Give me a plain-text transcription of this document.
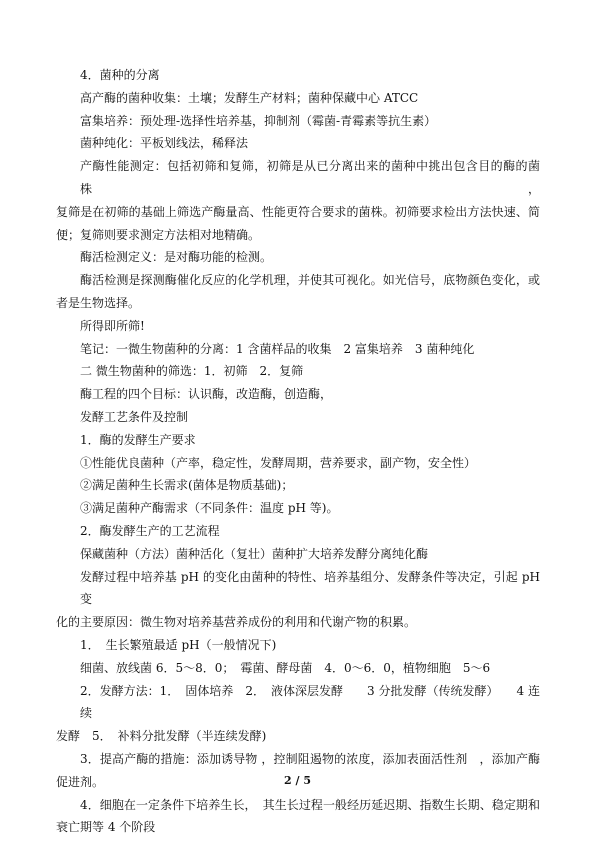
4．菌种的分离
高产酶的菌种收集：土壤；发酵生产材料；菌种保藏中心 ATCC
富集培养：预处理-选择性培养基，抑制剂（霉菌-青霉素等抗生素）
菌种纯化：平板划线法，稀释法
产酶性能测定：包括初筛和复筛，初筛是从已分离出来的菌种中挑出包含目的酶的菌株，
复筛是在初筛的基础上筛选产酶量高、性能更符合要求的菌株。初筛要求检出方法快速、简
便；复筛则要求测定方法相对地精确。
酶活检测定义：是对酶功能的检测。
酶活检测是探测酶催化反应的化学机理，并使其可视化。如光信号，底物颜色变化，或
者是生物选择。
所得即所筛!
笔记：一微生物菌种的分离：1 含菌样品的收集　2 富集培养　3 菌种纯化
二 微生物菌种的筛选：1．初筛　2．复筛
酶工程的四个目标：认识酶，改造酶，创造酶，
发酵工艺条件及控制
1．酶的发酵生产要求
①性能优良菌种（产率，稳定性，发酵周期，营养要求，副产物，安全性）
②满足菌种生长需求(菌体是物质基础)；
③满足菌种产酶需求（不同条件：温度 pH 等)。
2．酶发酵生产的工艺流程
保藏菌种（方法）菌种活化（复壮）菌种扩大培养发酵分离纯化酶
发酵过程中培养基 pH 的变化由菌种的特性、培养基组分、发酵条件等决定，引起 pH 变
化的主要原因：微生物对培养基营养成份的利用和代谢产物的积累。
1．　生长繁殖最适 pH（一般情况下)
细菌、放线菌 6．5～8．0；　霉菌、酵母菌　4．0～6．0，植物细胞　5～6
2．发酵方法：1．　固体培养　2．　液体深层发酵　　3 分批发酵（传统发酵）　　4 连续
发酵　5．　补料分批发酵（半连续发酵)
3．提高产酶的措施：添加诱导物 ，控制阻遏物的浓度，添加表面活性剂　，添加产酶
促进剂。
4．细胞在一定条件下培养生长，　其生长过程一般经历延迟期、指数生长期、稳定期和
衰亡期等 4 个阶段
2 / 5
